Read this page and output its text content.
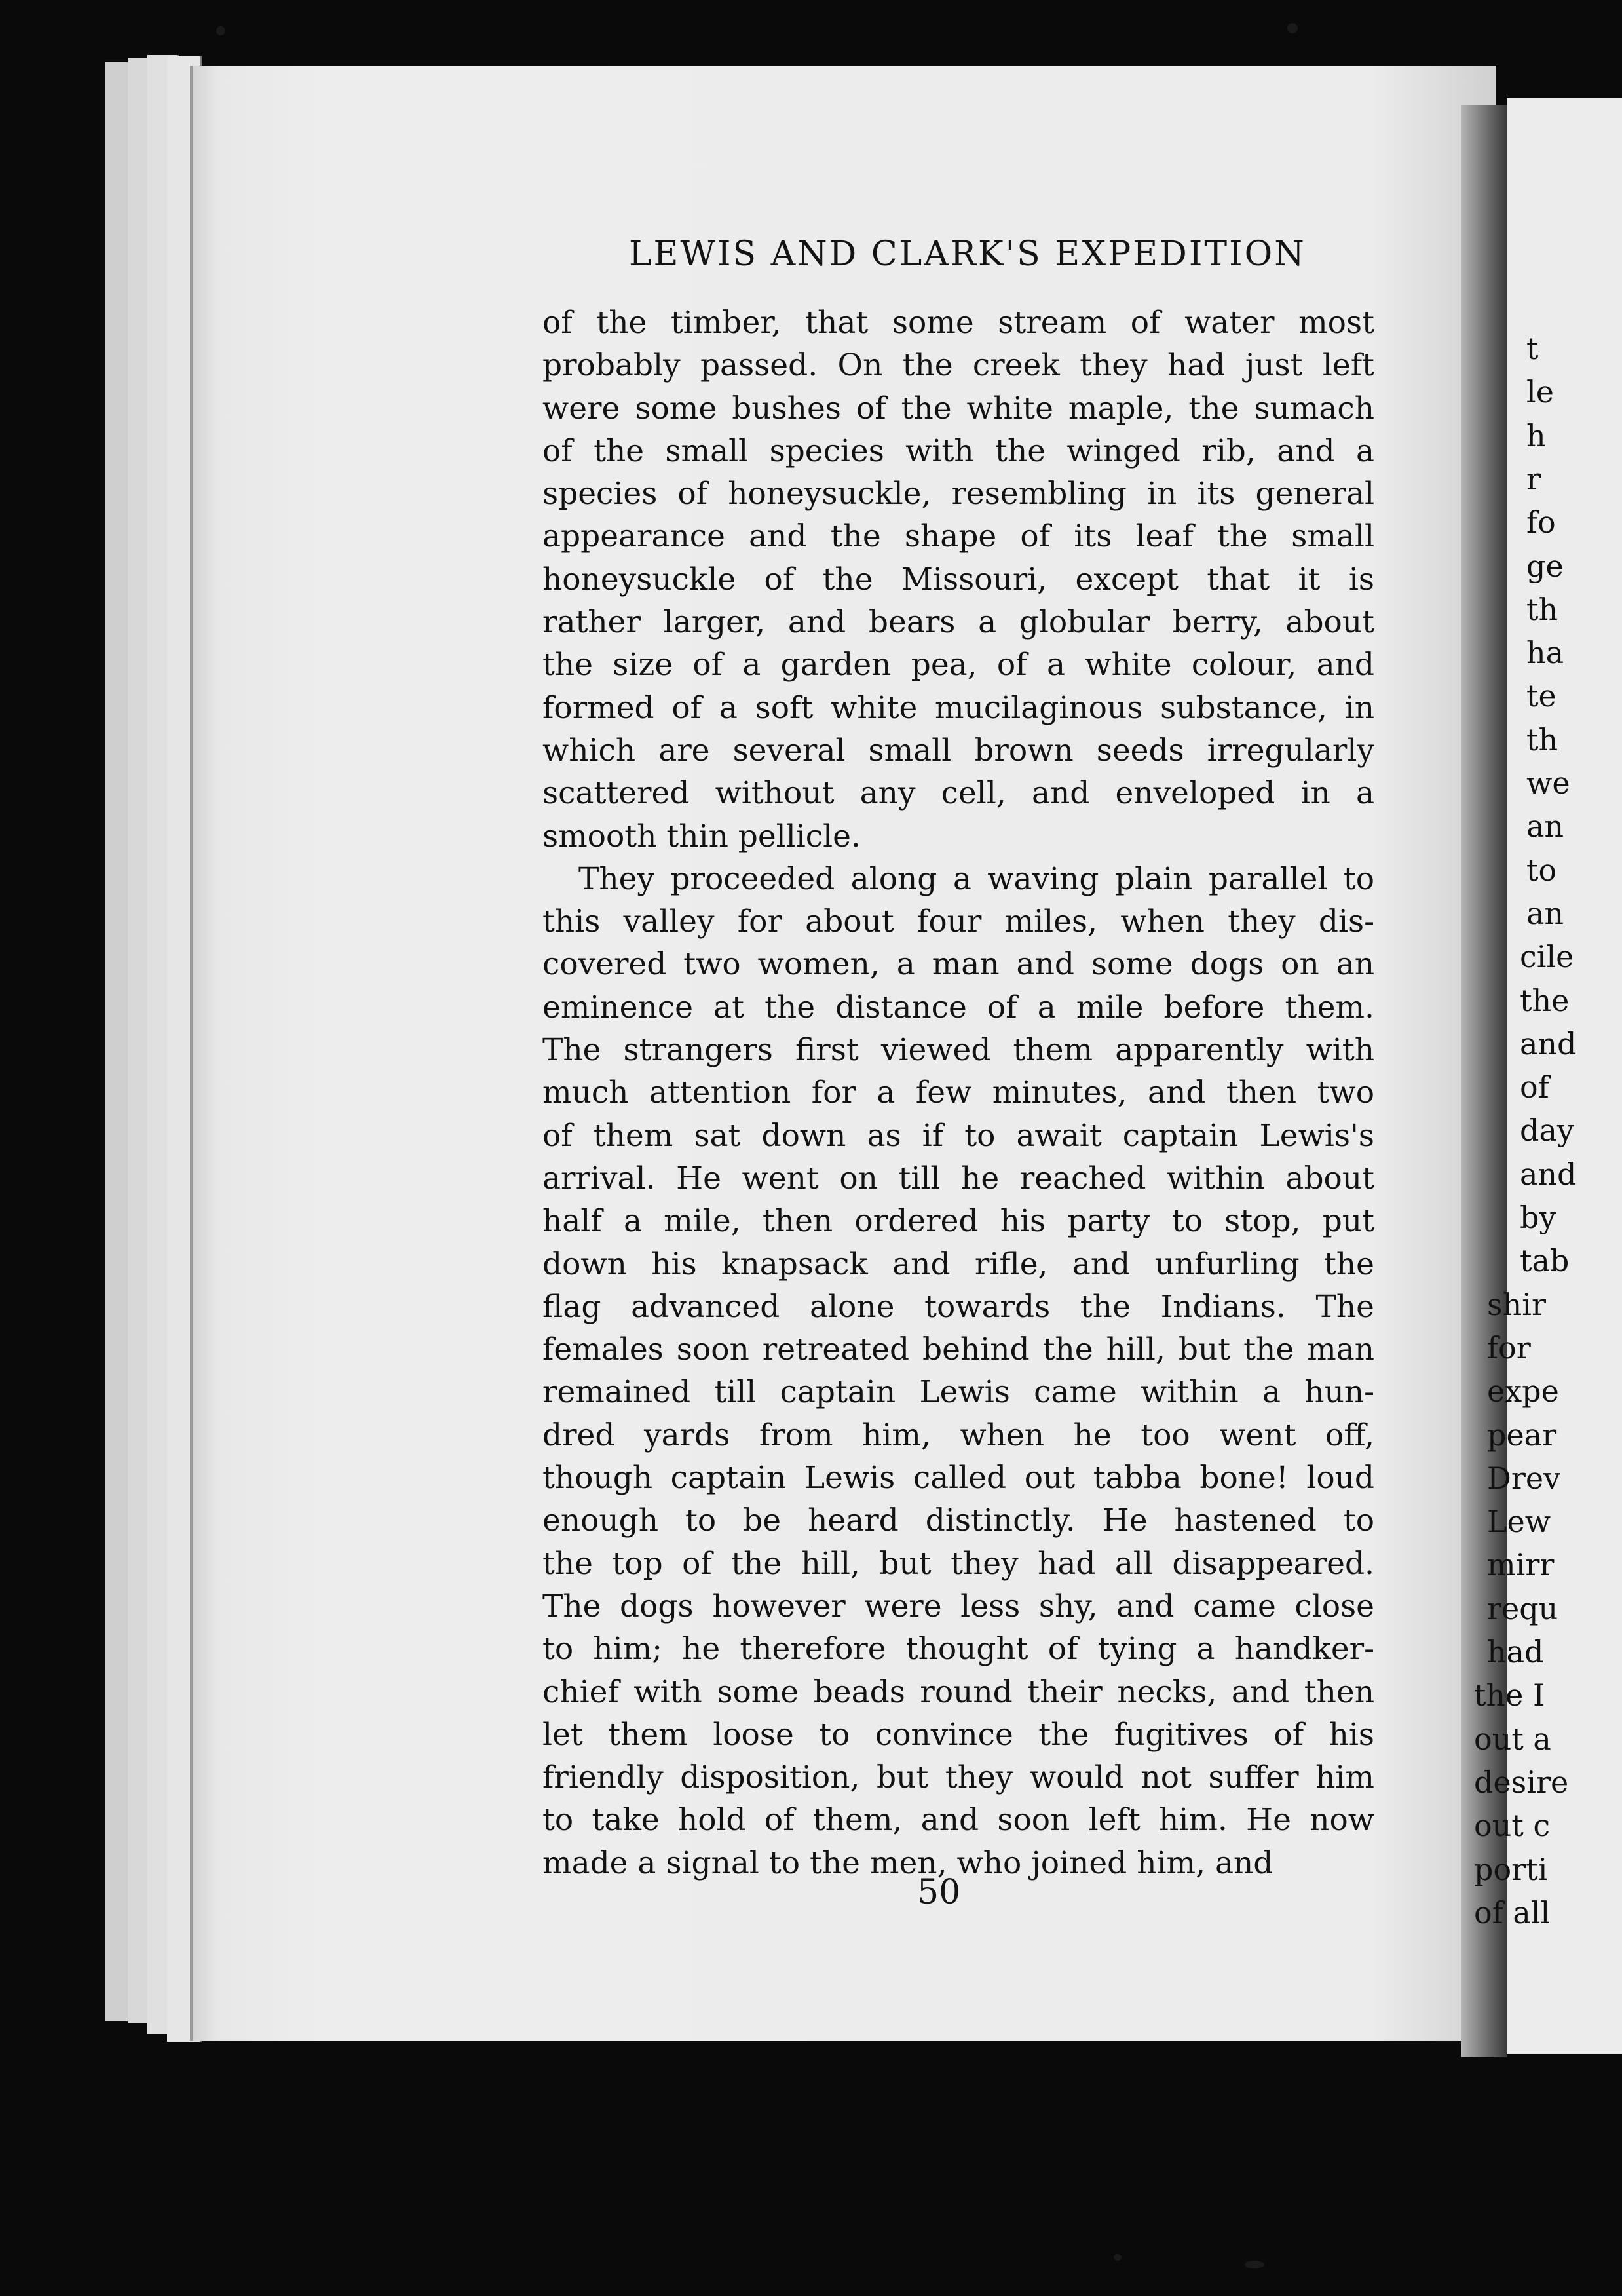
LEWIS AND CLARK'S EXPEDITION
of the timber, that some stream of water most
probably passed. On the creek they had just left
were some bushes of the white maple, the sumach
of the small species with the winged rib, and a
species of honeysuckle, resembling in its general
appearance and the shape of its leaf the small
honeysuckle of the Missouri, except that it is
rather larger, and bears a globular berry, about
the size of a garden pea, of a white colour, and
formed of a soft white mucilaginous substance, in
which are several small brown seeds irregularly
scattered without any cell, and enveloped in a
smooth thin pellicle.
They proceeded along a waving plain parallel to
this valley for about four miles, when they dis-
covered two women, a man and some dogs on an
eminence at the distance of a mile before them.
The strangers first viewed them apparently with
much attention for a few minutes, and then two
of them sat down as if to await captain Lewis's
arrival. He went on till he reached within about
half a mile, then ordered his party to stop, put
down his knapsack and rifle, and unfurling the
flag advanced alone towards the Indians. The
females soon retreated behind the hill, but the man
remained till captain Lewis came within a hun-
dred yards from him, when he too went off,
though captain Lewis called out tabba bone! loud
enough to be heard distinctly. He hastened to
the top of the hill, but they had all disappeared.
The dogs however were less shy, and came close
to him; he therefore thought of tying a handker-
chief with some beads round their necks, and then
let them loose to convince the fugitives of his
friendly disposition, but they would not suffer him
to take hold of them, and soon left him. He now
made a signal to the men, who joined him, and
50
t
le
h
r
fo
ge
th
ha
te
th
we
an
to
an
cile
the
and
of
day
and
by
tab
shir
for
expe
pear
Drev
Lew
mirr
requ
had
the I
out a
desire
out c
porti
of all
